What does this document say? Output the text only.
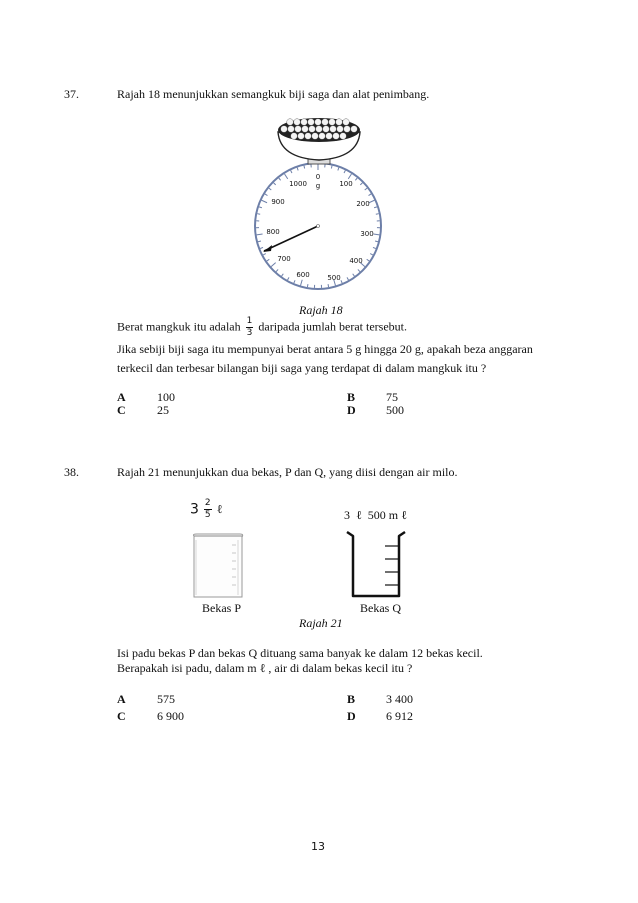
37.	Rajah 18 menunjukkan semangkuk biji saga dan alat penimbang.
0
g	100
200
300
400
500
600
700
800
900
1000
Rajah 18
Berat mangkuk itu adalah $\frac{1}{3}$ daripada jumlah berat tersebut.
Jika sebiji biji saga itu mempunyai berat antara 5 g hingga 20 g, apakah beza anggaran
terkecil dan terbesar bilangan biji saga yang terdapat di dalam mangkuk itu ?
A	100	B	75
C	25	D	500
38.	Rajah 21 menunjukkan dua bekas, P dan Q, yang diisi dengan air milo.
$3 \frac{2}{5}$ ℓ	3  ℓ  500 m ℓ
Bekas P	Bekas Q
Rajah 21
Isi padu bekas P dan bekas Q dituang sama banyak ke dalam 12 bekas kecil.
Berapakah isi padu, dalam m ℓ , air di dalam bekas kecil itu ?
A	575	B	3 400
C	6 900	D	6 912
13
